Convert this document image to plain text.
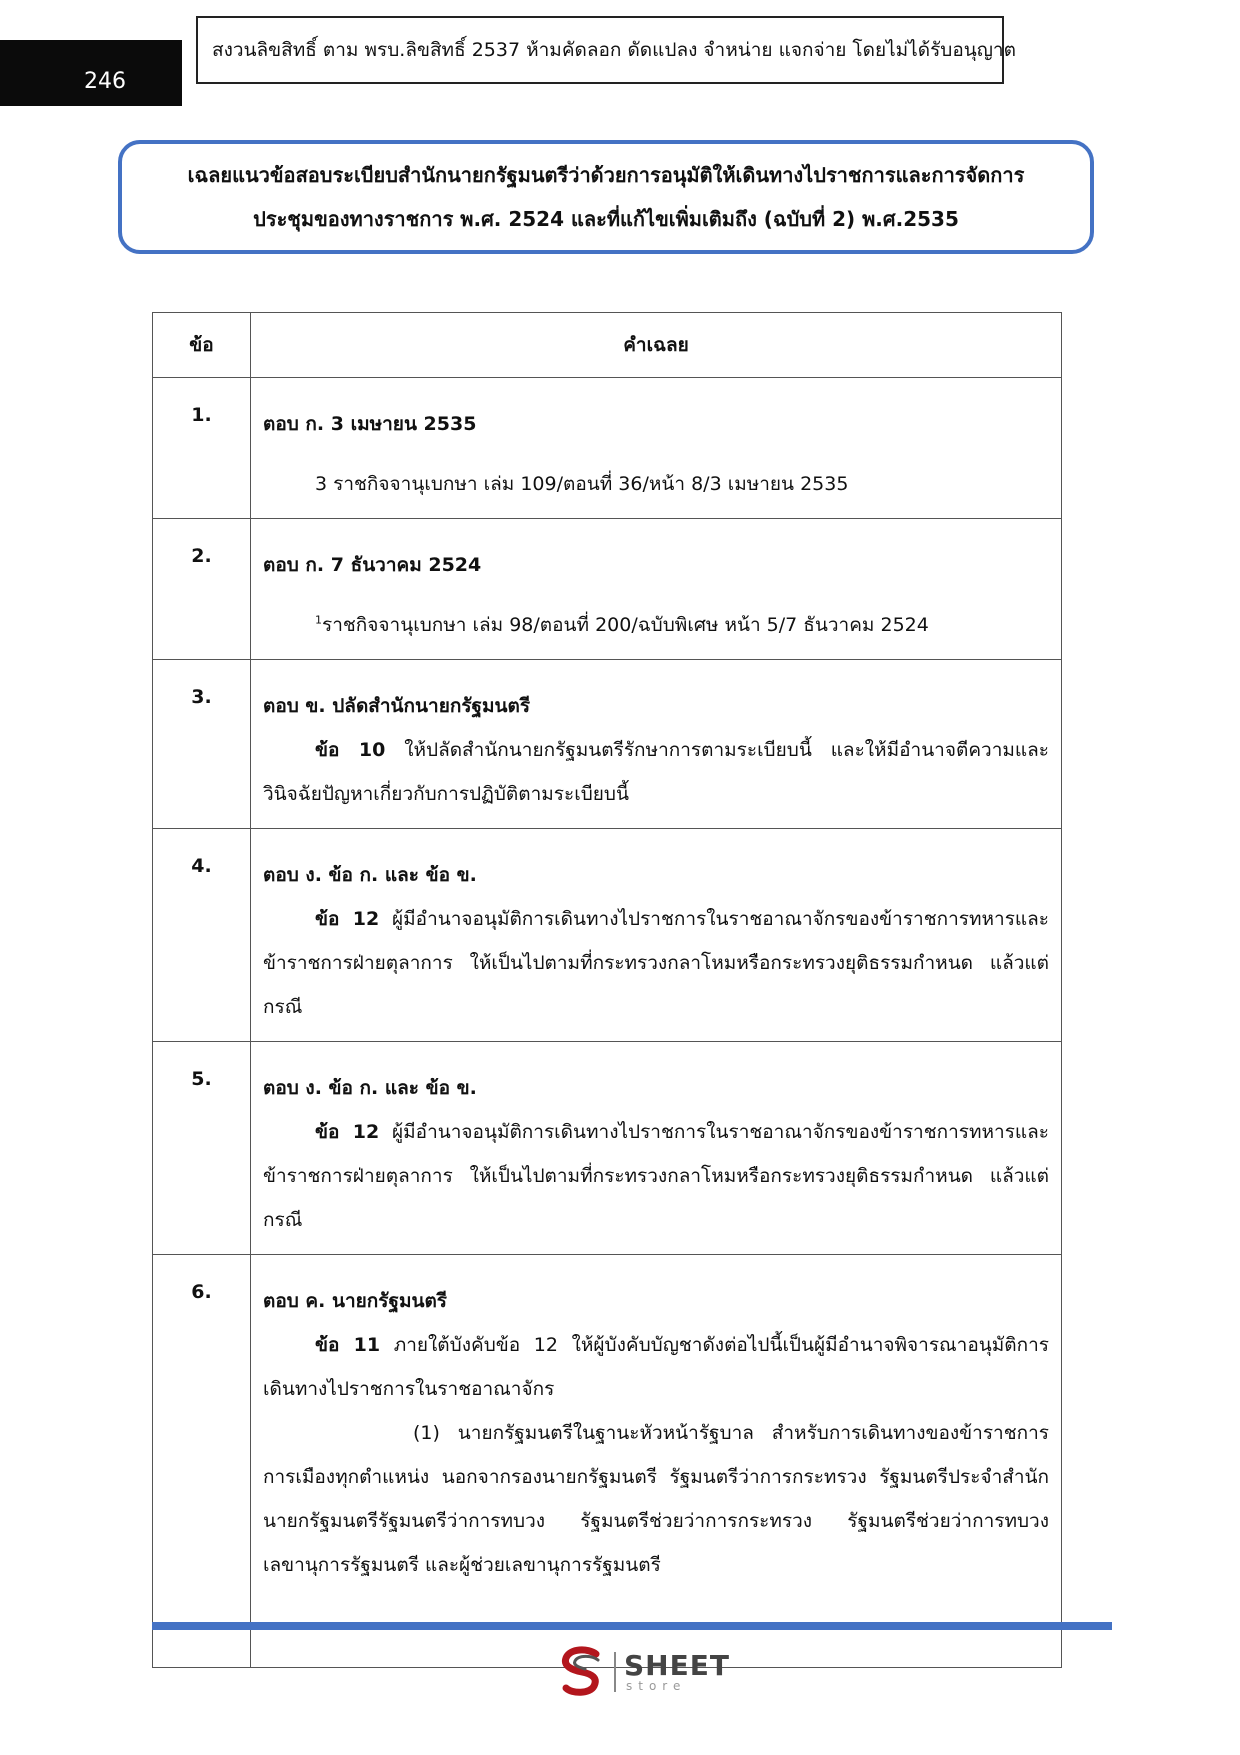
246
สงวนลิขสิทธิ์ ตาม พรบ.ลิขสิทธิ์ 2537 ห้ามคัดลอก ดัดแปลง จำหน่าย แจกจ่าย โดยไม่ได้รับอนุญาต
เฉลยแนวข้อสอบระเบียบสำนักนายกรัฐมนตรีว่าด้วยการอนุมัติให้เดินทางไปราชการและการจัดการ
ประชุมของทางราชการ พ.ศ. 2524 และที่แก้ไขเพิ่มเติมถึง (ฉบับที่ 2) พ.ศ.2535
ข้อ	คำเฉลย
1.	ตอบ ก. 3 เมษายน 2535
3 ราชกิจจานุเบกษา เล่ม 109/ตอนที่ 36/หน้า 8/3 เมษายน 2535

2.	ตอบ ก. 7 ธันวาคม 2524
$^1$ราชกิจจานุเบกษา เล่ม 98/ตอนที่ 200/ฉบับพิเศษ หน้า 5/7 ธันวาคม 2524

3.	ตอบ ข. ปลัดสำนักนายกรัฐมนตรี
ข้อ 10 ให้ปลัดสำนักนายกรัฐมนตรีรักษาการตามระเบียบนี้ และให้มีอำนาจตีความและวินิจฉัยปัญหาเกี่ยวกับการปฏิบัติตามระเบียบนี้

4.	ตอบ ง. ข้อ ก. และ ข้อ ข.
ข้อ 12 ผู้มีอำนาจอนุมัติการเดินทางไปราชการในราชอาณาจักรของข้าราชการทหารและข้าราชการฝ่ายตุลาการ ให้เป็นไปตามที่กระทรวงกลาโหมหรือกระทรวงยุติธรรมกำหนด แล้วแต่กรณี

5.	ตอบ ง. ข้อ ก. และ ข้อ ข.
ข้อ 12 ผู้มีอำนาจอนุมัติการเดินทางไปราชการในราชอาณาจักรของข้าราชการทหารและข้าราชการฝ่ายตุลาการ ให้เป็นไปตามที่กระทรวงกลาโหมหรือกระทรวงยุติธรรมกำหนด แล้วแต่กรณี

6.	ตอบ ค. นายกรัฐมนตรี
ข้อ 11 ภายใต้บังคับข้อ 12 ให้ผู้บังคับบัญชาดังต่อไปนี้เป็นผู้มีอำนาจพิจารณาอนุมัติการเดินทางไปราชการในราชอาณาจักร
(1) นายกรัฐมนตรีในฐานะหัวหน้ารัฐบาล สำหรับการเดินทางของข้าราชการการเมืองทุกตำแหน่ง นอกจากรองนายกรัฐมนตรี รัฐมนตรีว่าการกระทรวง รัฐมนตรีประจำสำนักนายกรัฐมนตรีรัฐมนตรีว่าการทบวง รัฐมนตรีช่วยว่าการกระทรวง รัฐมนตรีช่วยว่าการทบวง เลขานุการรัฐมนตรี และผู้ช่วยเลขานุการรัฐมนตรี
SHEET
store
